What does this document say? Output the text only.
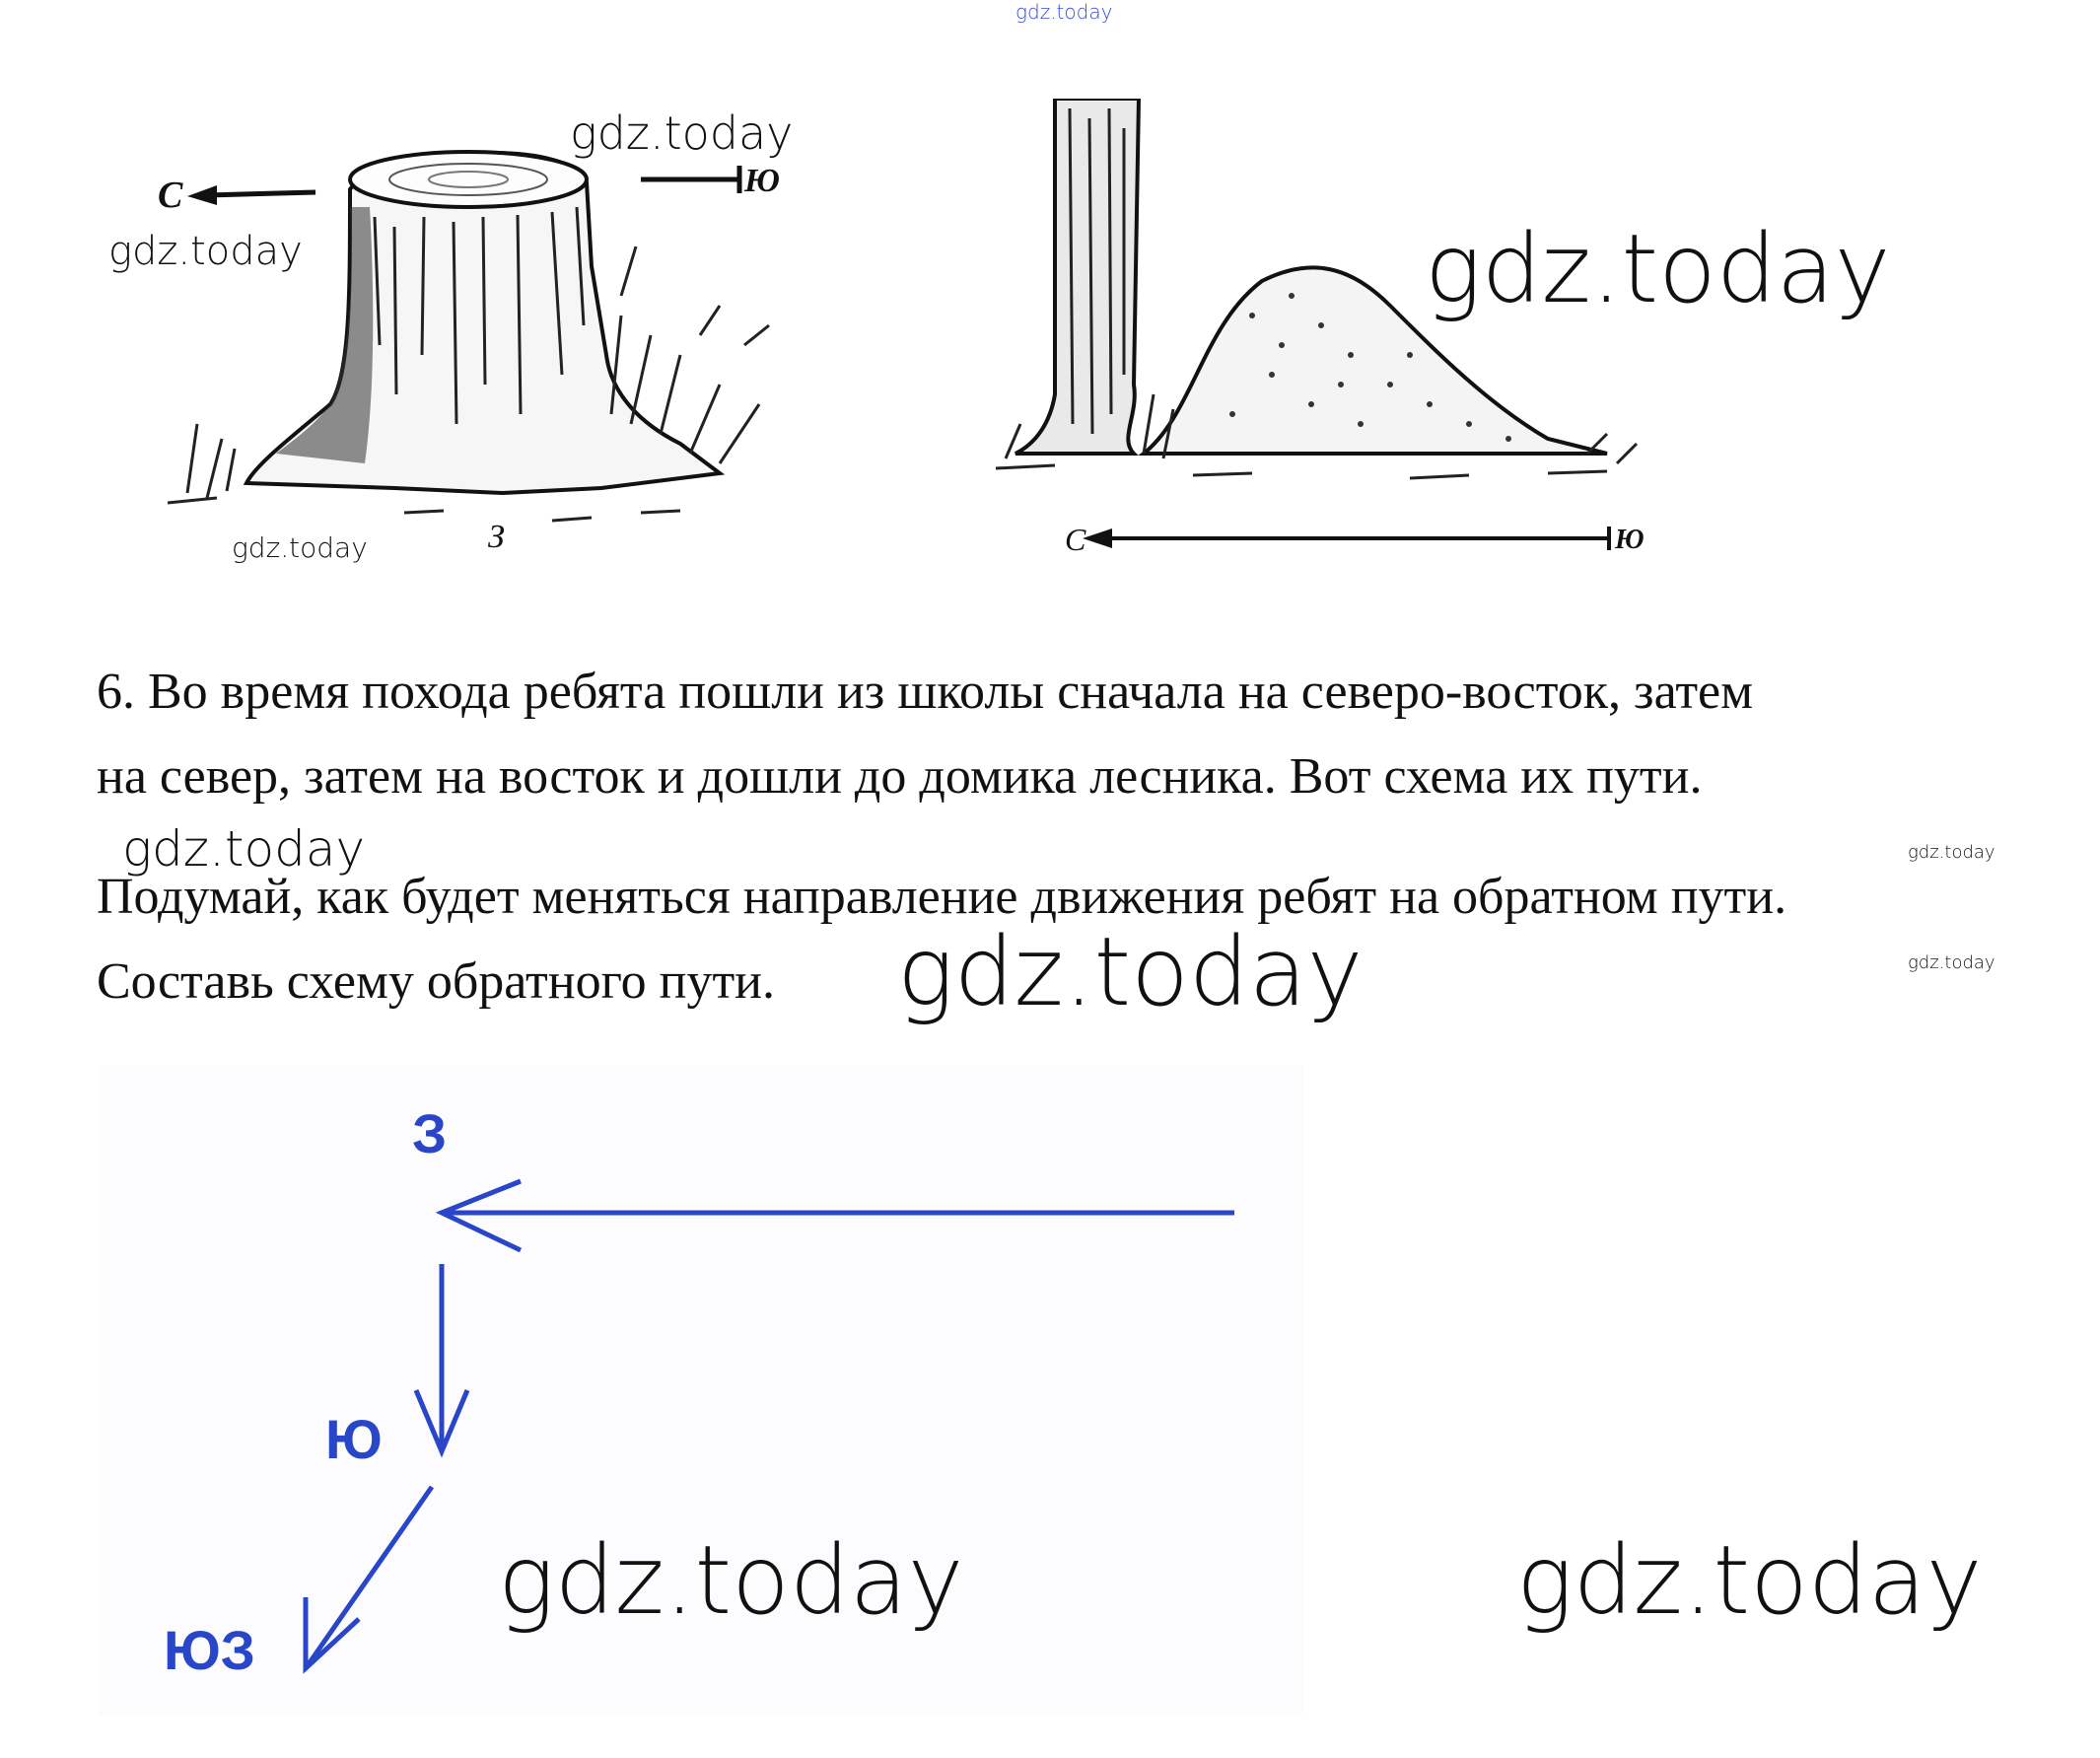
gdz.today
С	Ю
З
gdz.today
gdz.today
gdz.today	С	Ю
gdz.today
6. Во время похода ребята пошли из школы сначала на северо-восток, затем
на север, затем на восток и дошли до домика лесника. Вот схема их пути.
Подумай, как будет меняться направление движения ребят на обратном пути.
Составь схему обратного пути.
gdz.today	gdz.today
gdz.today	gdz.today
З
Ю
ЮЗ
gdz.today	gdz.today
